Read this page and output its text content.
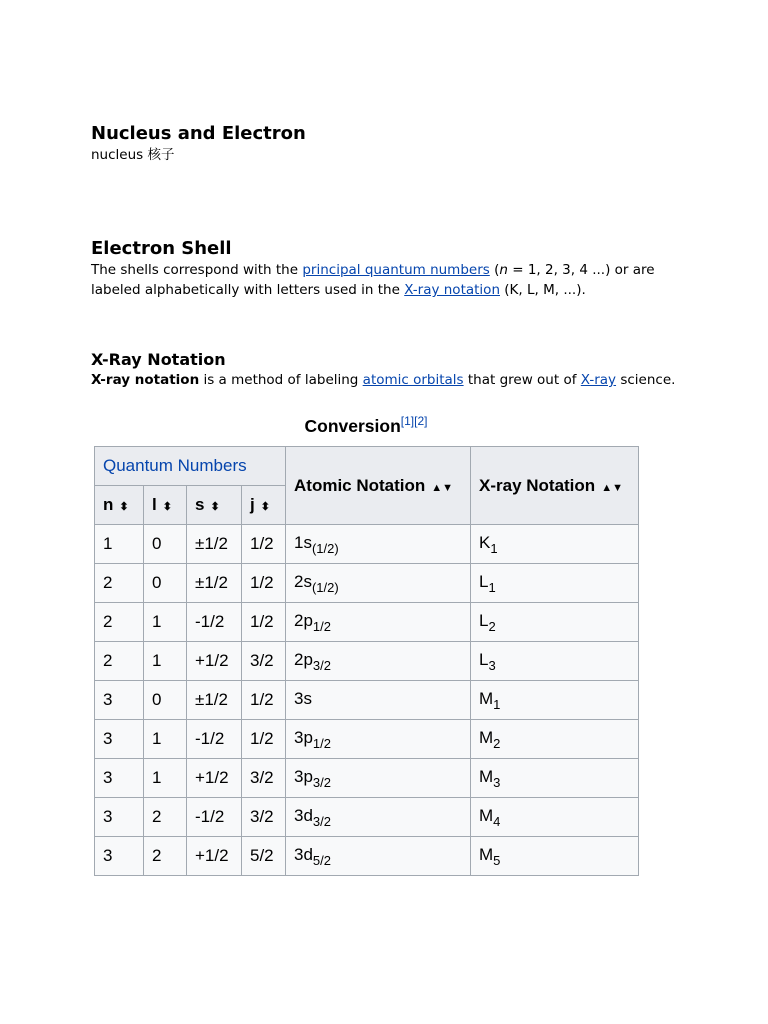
Nucleus and Electron

nucleus 核子

Electron Shell

The shells correspond with the principal quantum numbers (n = 1, 2, 3, 4 ...) or are labeled alphabetically with letters used in the X-ray notation (K, L, M, ...).

X-Ray Notation

X-ray notation is a method of labeling atomic orbitals that grew out of X-ray science.

Conversion[1][2]
Quantum Numbers				Atomic Notation ▲▼	X-ray Notation ▲▼
n ⬍	l ⬍	s ⬍	j ⬍		
1	0	±1/2	1/2	$1s_{(1/2)}$	$K_1$
2	0	±1/2	1/2	$2s_{(1/2)}$	$L_1$
2	1	-1/2	1/2	$2p_{1/2}$	$L_2$
2	1	+1/2	3/2	$2p_{3/2}$	$L_3$
3	0	±1/2	1/2	3s	$M_1$
3	1	-1/2	1/2	$3p_{1/2}$	$M_2$
3	1	+1/2	3/2	$3p_{3/2}$	$M_3$
3	2	-1/2	3/2	$3d_{3/2}$	$M_4$
3	2	+1/2	5/2	$3d_{5/2}$	$M_5$
